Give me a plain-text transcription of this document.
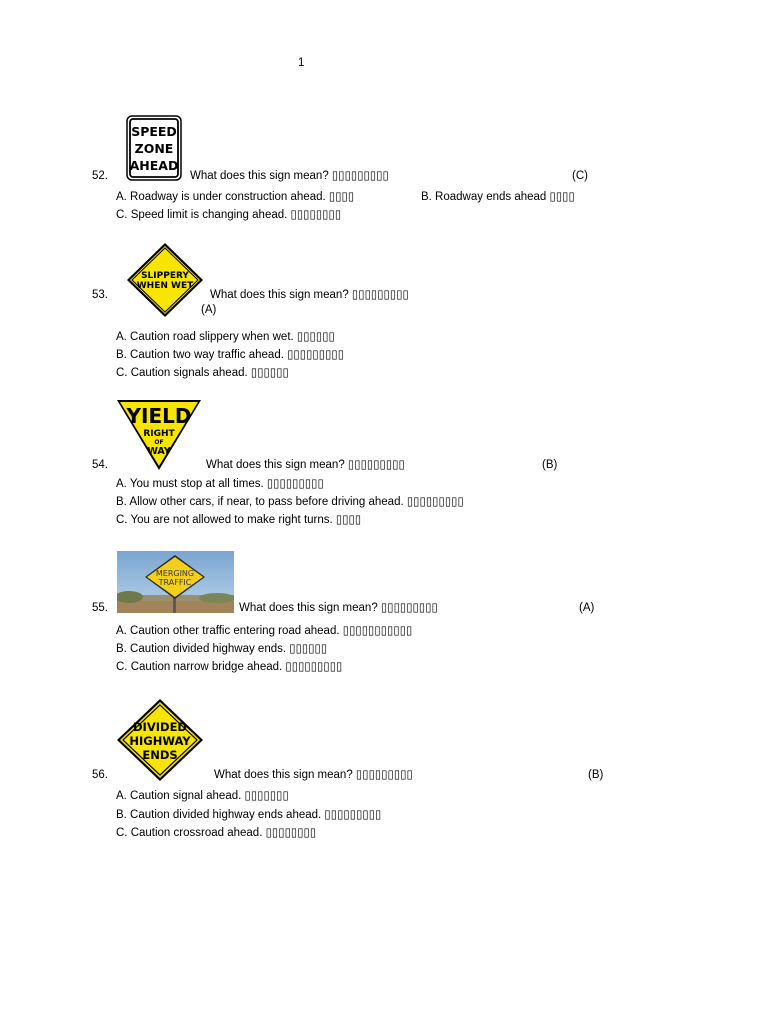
1
SPEED
ZONE
AHEAD
52.	What does this sign mean? ▯▯▯▯▯▯▯▯▯	(C)
A. Roadway is under construction ahead. ▯▯▯▯	B. Roadway ends ahead ▯▯▯▯
C. Speed limit is changing ahead. ▯▯▯▯▯▯▯▯
SLIPPERY
WHEN WET
53.	What does this sign mean? ▯▯▯▯▯▯▯▯▯
(A)
A. Caution road slippery when wet. ▯▯▯▯▯▯
B. Caution two way traffic ahead. ▯▯▯▯▯▯▯▯▯
C. Caution signals ahead. ▯▯▯▯▯▯
YIELD
RIGHT
OF
WAY
54.	What does this sign mean? ▯▯▯▯▯▯▯▯▯	(B)
A. You must stop at all times. ▯▯▯▯▯▯▯▯▯
B. Allow other cars, if near, to pass before driving ahead. ▯▯▯▯▯▯▯▯▯
C. You are not allowed to make right turns. ▯▯▯▯
MERGING
TRAFFIC
55.	What does this sign mean? ▯▯▯▯▯▯▯▯▯	(A)
A. Caution other traffic entering road ahead. ▯▯▯▯▯▯▯▯▯▯▯
B. Caution divided highway ends. ▯▯▯▯▯▯
C. Caution narrow bridge ahead. ▯▯▯▯▯▯▯▯▯
DIVIDED
HIGHWAY
ENDS
56.	What does this sign mean? ▯▯▯▯▯▯▯▯▯	(B)
A. Caution signal ahead. ▯▯▯▯▯▯▯
B. Caution divided highway ends ahead. ▯▯▯▯▯▯▯▯▯
C. Caution crossroad ahead. ▯▯▯▯▯▯▯▯
